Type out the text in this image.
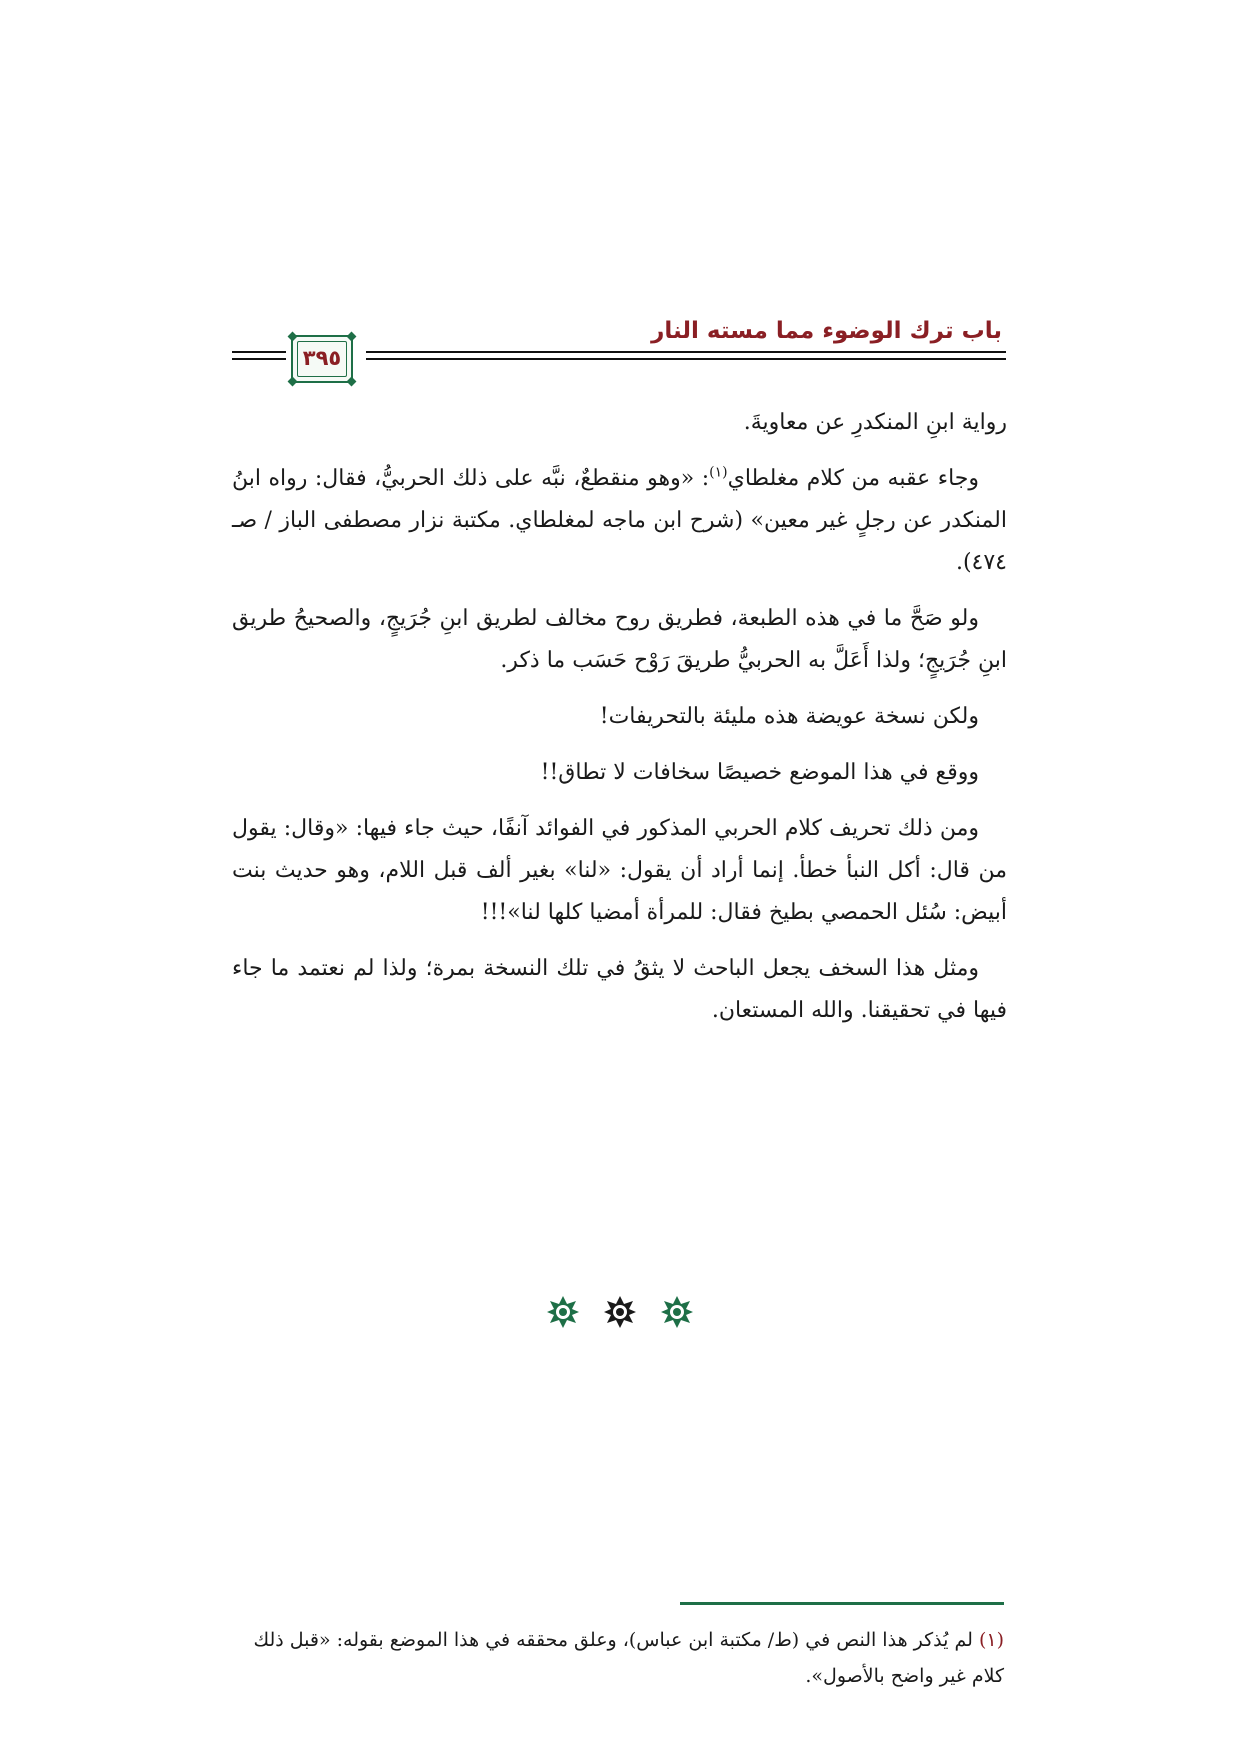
باب ترك الوضوء مما مسته النار
٣٩٥

رواية ابنِ المنكدرِ عن معاويةَ.

وجاء عقبه من كلام مغلطاي$^{(١)}$: «وهو منقطعٌ، نبَّه على ذلك الحربيُّ، فقال: رواه ابنُ المنكدر عن رجلٍ غير معين» (شرح ابن ماجه لمغلطاي. مكتبة نزار مصطفى الباز / صـ ٤٧٤).

ولو صَحَّ ما في هذه الطبعة، فطريق روح مخالف لطريق ابنِ جُرَيجٍ، والصحيحُ طريق ابنِ جُرَيجٍ؛ ولذا أَعَلَّ به الحربيُّ طريقَ رَوْح حَسَب ما ذكر.

ولكن نسخة عويضة هذه مليئة بالتحريفات!

ووقع في هذا الموضع خصيصًا سخافات لا تطاق!!

ومن ذلك تحريف كلام الحربي المذكور في الفوائد آنفًا، حيث جاء فيها: «وقال: يقول من قال: أكل النبأ خطأ. إنما أراد أن يقول: «لنا» بغير ألف قبل اللام، وهو حديث بنت أبيض: سُئل الحمصي بطيخ فقال: للمرأة أمضيا كلها لنا»!!!

ومثل هذا السخف يجعل الباحث لا يثقُ في تلك النسخة بمرة؛ ولذا لم نعتمد ما جاء فيها في تحقيقنا. والله المستعان.

(١) لم يُذكر هذا النص في (ط/ مكتبة ابن عباس)، وعلق محققه في هذا الموضع بقوله: «قبل ذلك كلام غير واضح بالأصول».
